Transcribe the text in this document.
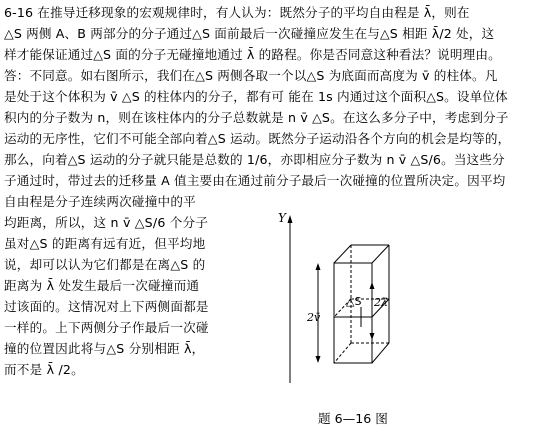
6-16 在推导迁移现象的宏观规律时，有人认为：既然分子的平均自由程是 λ̄，则在
△S 两侧 A、B 两部分的分子通过△S 面前最后一次碰撞应发生在与△S 相距 λ̄/2 处，这
样才能保证通过△S 面的分子无碰撞地通过 λ̄ 的路程。你是否同意这种看法？说明理由。
答：不同意。如右图所示，我们在△S 两侧各取一个以△S 为底面而高度为 v̄ 的柱体。凡
是处于这个体积为 v̄ △S 的柱体内的分子，都有可 能在 1s 内通过这个面积△S。设单位体
积内的分子数为 n，则在该柱体内的分子总数就是 n v̄ △S。在这么多分子中，考虑到分子
运动的无序性，它们不可能全部向着△S 运动。既然分子运动沿各个方向的机会是均等的，
那么，向着△S 运动的分子就只能是总数的 1/6，亦即相应分子数为 n v̄ △S/6。当这些分
子通过时，带过去的迁移量 A 值主要由在通过前分子最后一次碰撞的位置所决定。因平均
自由程是分子连续两次碰撞中的平
均距离，所以，这 n v̄ △S/6 个分子
虽对△S 的距离有远有近，但平均地
说，却可以认为它们都是在离△S 的
距离为 λ̄ 处发生最后一次碰撞而通
过该面的。这情况对上下两侧面都是
一样的。上下两侧分子作最后一次碰
撞的位置因此将与△S 分别相距 λ̄，
而不是 λ̄ /2。
Y
2v̄
△S 2λ̄
题 6—16 图
